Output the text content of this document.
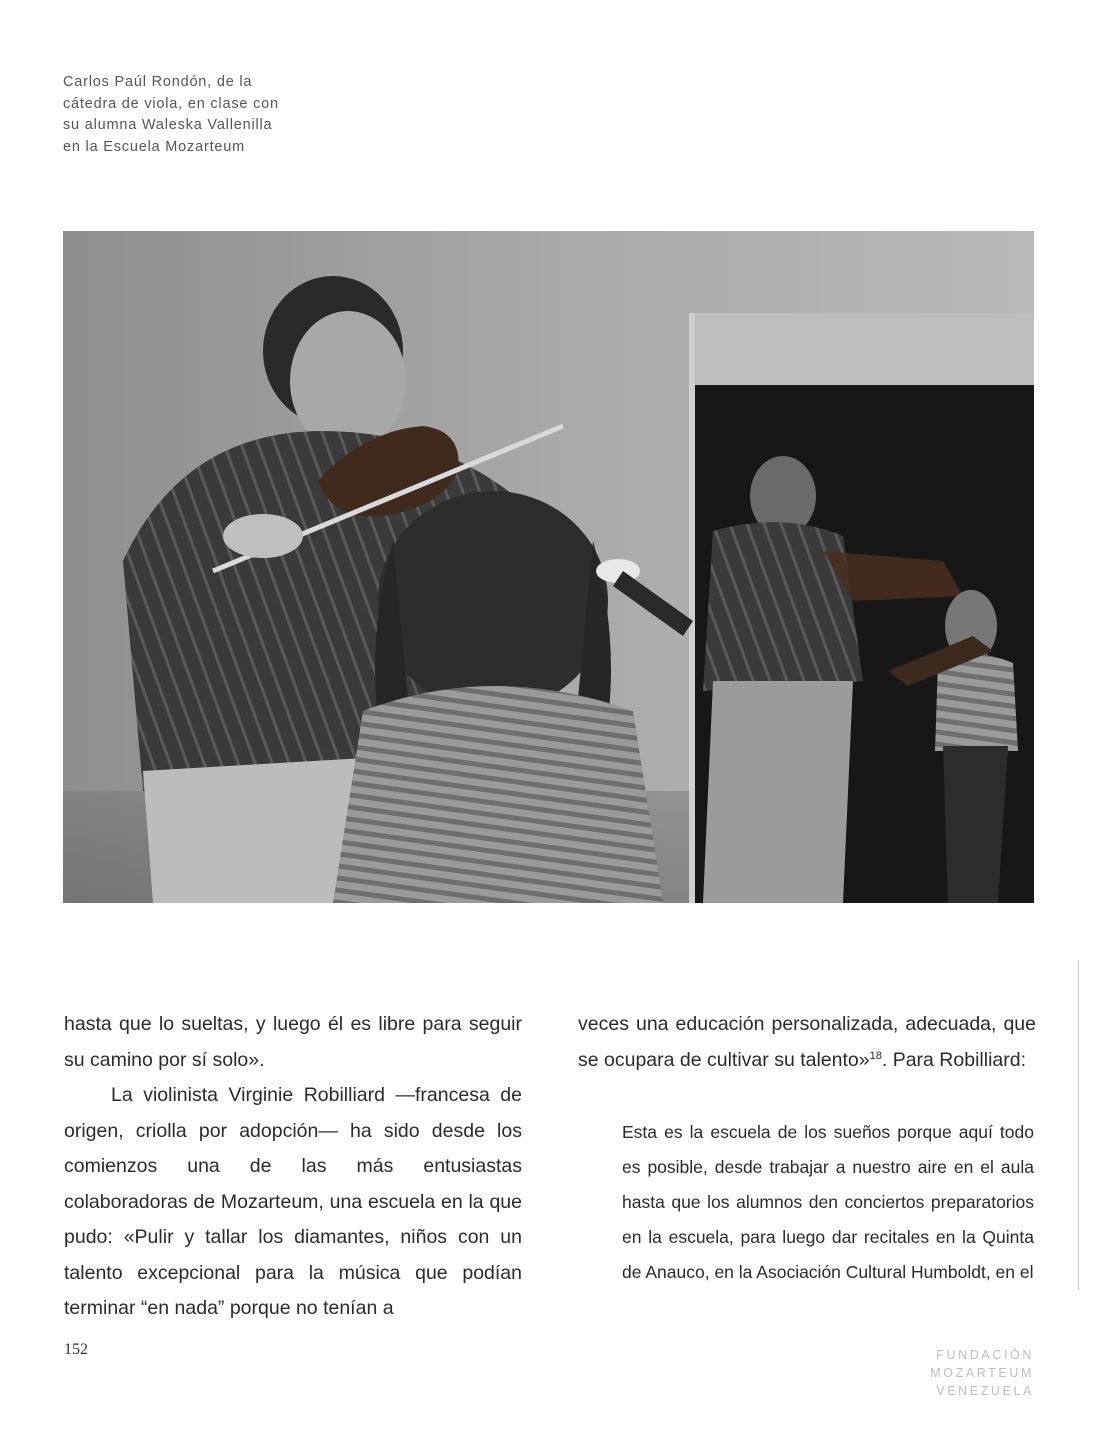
Carlos Paúl Rondón, de la
cátedra de viola, en clase con
su alumna Waleska Vallenilla
en la Escuela Mozarteum

hasta que lo sueltas, y luego él es libre para seguir su camino por sí solo».

La violinista Virginie Robilliard —francesa de origen, criolla por adopción— ha sido desde los comienzos una de las más entusiastas colaboradoras de Mozarteum, una escuela en la que pudo: «Pulir y tallar los diamantes, niños con un talento excepcional para la música que podían terminar “en nada” porque no tenían a

veces una educación personalizada, adecuada, que se ocupara de cultivar su talento»$^{18}$. Para Robilliard:

Esta es la escuela de los sueños porque aquí todo es posible, desde trabajar a nuestro aire en el aula hasta que los alumnos den conciertos preparatorios en la escuela, para luego dar recitales en la Quinta de Anauco, en la Asociación Cultural Humboldt, en el

152	FUNDACIÓN
MOZARTEUM
VENEZUELA
